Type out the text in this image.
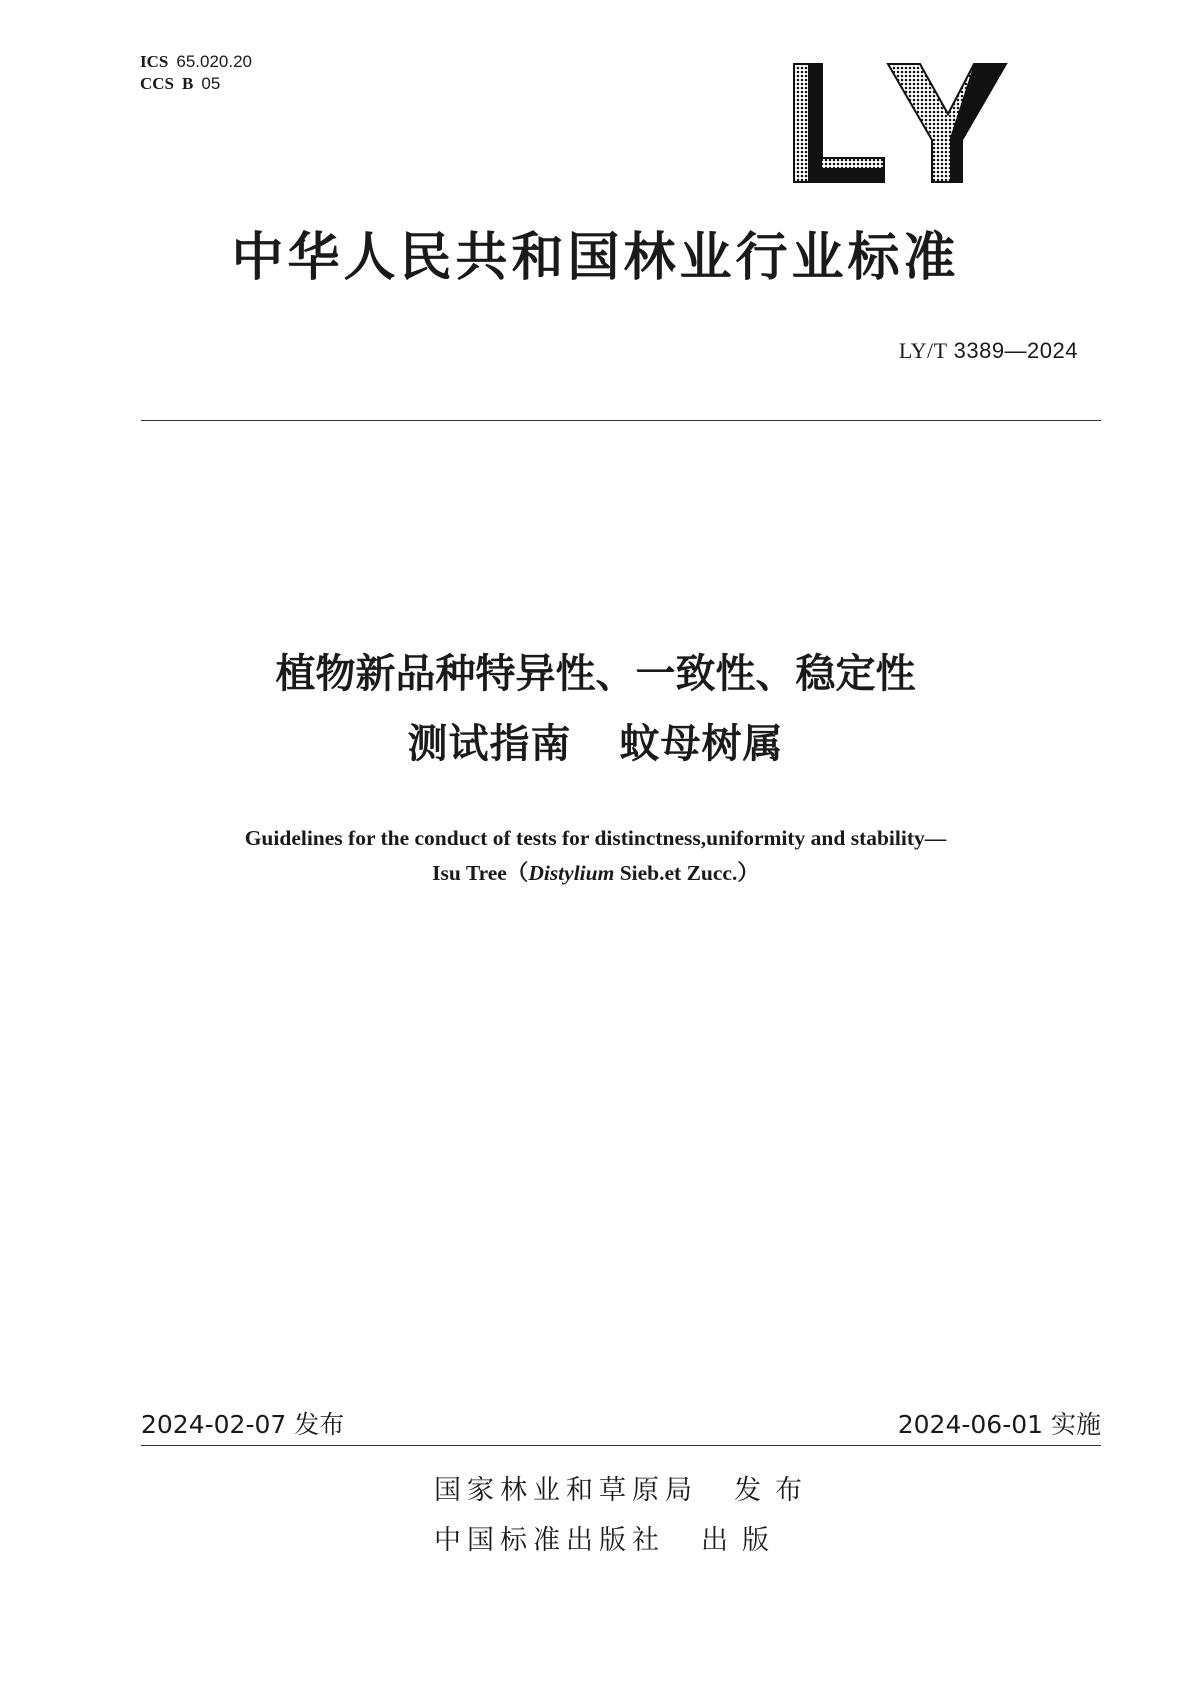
ICS 65.020.20
CCS B 05
中华人民共和国林业行业标准
LY/T 3389—2024
植物新品种特异性、一致性、稳定性
测试指南 蚊母树属
Guidelines for the conduct of tests for distinctness,uniformity and stability—
Isu Tree（Distylium Sieb.et Zucc.）
2024-02-07 发布	2024-06-01 实施
国家林业和草原局 发布
中国标准出版社 出版
